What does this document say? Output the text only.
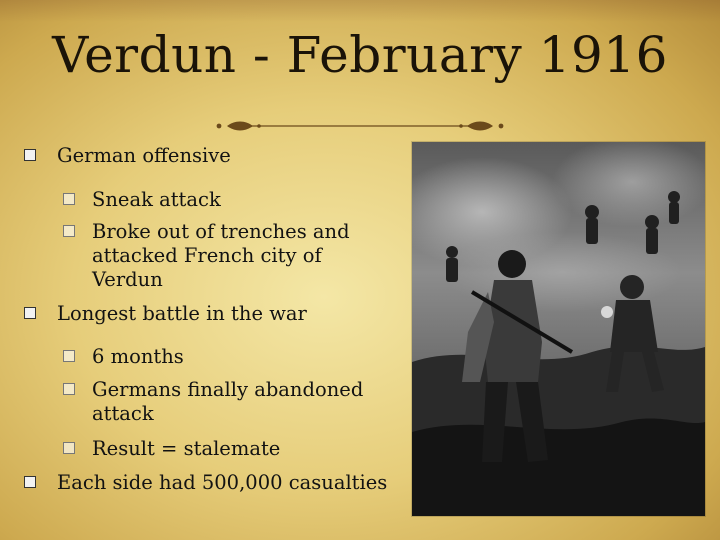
Verdun - February 1916
German offensive
Sneak attack
Broke out of trenches and
attacked French city of
Verdun
Longest battle in the war
6 months
Germans finally abandoned
attack
Result = stalemate
Each side had 500,000 casualties
